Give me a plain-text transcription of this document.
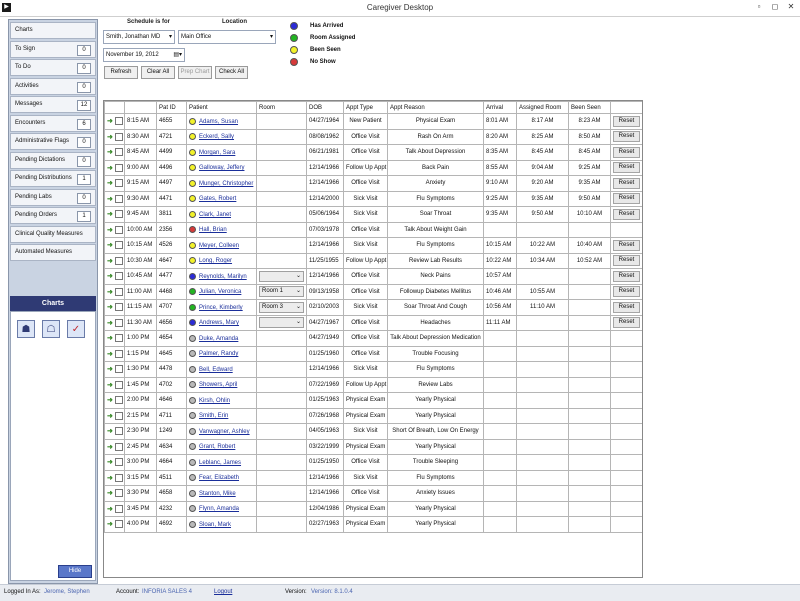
▶	Caregiver Desktop	▫	◻ ✕
Charts
☗	☖	✓
Charts
To Sign	0
To Do	0
Activities	0
Messages	12
Encounters	6
Administrative Flags	0
Pending Dictations	0
Pending Distributions	1
Pending Labs	0
Pending Orders	1
Clinical Quality Measures
Automated Measures
Hide
Schedule is for
Smith, Jonathan MD ▾
Location
Main Office	▾
November 19, 2012 ▤▾
Refresh	Clear All	Prep Chart	Check All
Has Arrived
Room Assigned
Been Seen
No Show
		Pat ID	Patient	Room	DOB	Appt Type	Appt Reason	Arrival	Assigned Room	Been Seen	
➜	8:15 AM	4655	Adams, Susan		04/27/1964	New Patient	Physical Exam	8:01 AM	8:17 AM	8:23 AM	Reset

➜	8:30 AM	4721	Eckerd, Sally		08/08/1962	Office Visit	Rash On Arm	8:20 AM	8:25 AM	8:50 AM	Reset

➜	8:45 AM	4499	Morgan, Sara		06/21/1981	Office Visit	Talk About Depression	8:35 AM	8:45 AM	8:45 AM	Reset

➜	9:00 AM	4496	Galloway, Jeffery		12/14/1966	Follow Up Appt	Back Pain	8:55 AM	9:04 AM	9:25 AM	Reset

➜	9:15 AM	4497	Munger, Christopher		12/14/1966	Office Visit	Anxiety	9:10 AM	9:20 AM	9:35 AM	Reset

➜	9:30 AM	4471	Gates, Robert		12/14/2000	Sick Visit	Flu Symptoms	9:25 AM	9:35 AM	9:50 AM	Reset

➜	9:45 AM	3811	Clark, Janet		05/06/1964	Sick Visit	Soar Throat	9:35 AM	9:50 AM	10:10 AM	Reset

➜	10:00 AM	2356	Hall, Brian		07/03/1978	Office Visit	Talk About Weight Gain				
➜	10:15 AM	4526	Meyer, Colleen		12/14/1966	Sick Visit	Flu Symptoms	10:15 AM	10:22 AM	10:40 AM	Reset

➜	10:30 AM	4647	Long, Roger		11/25/1955	Follow Up Appt	Review Lab Results	10:22 AM	10:34 AM	10:52 AM	Reset

➜	10:45 AM	4477	Reynolds, Marilyn	⌄	12/14/1966	Office Visit	Neck Pains	10:57 AM			Reset

➜	11:00 AM	4468	Julian, Veronica	Room 1 ⌄	09/13/1958	Office Visit	Followup Diabetes Mellitus	10:46 AM	10:55 AM		Reset

➜	11:15 AM	4707	Prince, Kimberly	Room 3 ⌄	02/10/2003	Sick Visit	Soar Throat And Cough	10:56 AM	11:10 AM		Reset

➜	11:30 AM	4656	Andrews, Mary	⌄	04/27/1967	Office Visit	Headaches	11:11 AM			Reset

➜	1:00 PM	4654	Duke, Amanda		04/27/1949	Office Visit	Talk About Depression Medication				
➜	1:15 PM	4645	Palmer, Randy		01/25/1960	Office Visit	Trouble Focusing				
➜	1:30 PM	4478	Bell, Edward		12/14/1966	Sick Visit	Flu Symptoms				
➜	1:45 PM	4702	Showers, April		07/22/1969	Follow Up Appt	Review Labs				
➜	2:00 PM	4646	Kirsh, Ohlin		01/25/1963	Physical Exam	Yearly Physical				
➜	2:15 PM	4711	Smith, Erin		07/26/1968	Physical Exam	Yearly Physical				
➜	2:30 PM	1249	Vanwagner, Ashley		04/05/1963	Sick Visit	Short Of Breath, Low On Energy				
➜	2:45 PM	4634	Grant, Robert		03/22/1999	Physical Exam	Yearly Physical				
➜	3:00 PM	4664	Leblanc, James		01/25/1950	Office Visit	Trouble Sleeping				
➜	3:15 PM	4511	Fear, Elizabeth		12/14/1966	Sick Visit	Flu Symptoms				
➜	3:30 PM	4658	Stanton, Mike		12/14/1966	Office Visit	Anxiety Issues				
➜	3:45 PM	4232	Flynn, Amanda		12/04/1986	Physical Exam	Yearly Physical				
➜	4:00 PM	4692	Sloan, Mark		02/27/1963	Physical Exam	Yearly Physical				
Logged In As: Jerome, Stephen	Account: INFORIA SALES 4	Logout	Version: Version: 8.1.0.4
